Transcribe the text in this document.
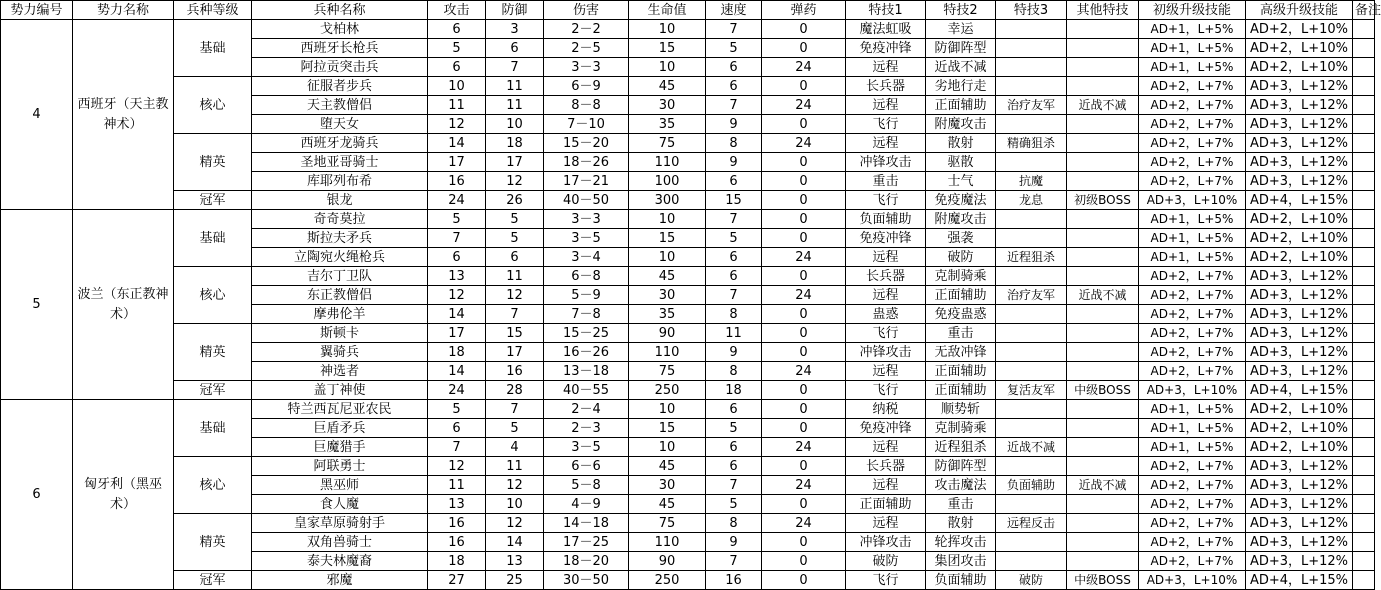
势力编号	势力名称	兵种等级	兵种名称	攻击	防御	伤害	生命值	速度	弹药	特技1	特技2	特技3	其他特技	初级升级技能	高级升级技能	备注
4	西班牙（天主教神术）	基础	戈柏林	6	3	2－2	10	7	0	魔法虹吸	幸运			AD+1，L+5%	AD+2，L+10%	
			西班牙长枪兵	5	6	2－5	15	5	0	免疫冲锋	防御阵型			AD+1，L+5%	AD+2，L+10%	
			阿拉贡突击兵	6	7	3－3	10	6	24	远程	近战不减			AD+1，L+5%	AD+2，L+10%	
		核心	征服者步兵	10	11	6－9	45	6	0	长兵器	劣地行走			AD+2，L+7%	AD+3，L+12%	
			天主教僧侣	11	11	8－8	30	7	24	远程	正面辅助	治疗友军	近战不减	AD+2，L+7%	AD+3，L+12%	
			堕天女	12	10	7－10	35	9	0	飞行	附魔攻击			AD+2，L+7%	AD+3，L+12%	
		精英	西班牙龙骑兵	14	18	15－20	75	8	24	远程	散射	精确狙杀		AD+2，L+7%	AD+3，L+12%	
			圣地亚哥骑士	17	17	18－26	110	9	0	冲锋攻击	驱散			AD+2，L+7%	AD+3，L+12%	
			库耶列布希	16	12	17－21	100	6	0	重击	士气	抗魔		AD+2，L+7%	AD+3，L+12%	
		冠军	银龙	24	26	40－50	300	15	0	飞行	免疫魔法	龙息	初级BOSS	AD+3，L+10%	AD+4，L+15%	
5	波兰（东正教神术）	基础	奇奇莫拉	5	5	3－3	10	7	0	负面辅助	附魔攻击			AD+1，L+5%	AD+2，L+10%	
			斯拉夫矛兵	7	5	3－5	15	5	0	免疫冲锋	强袭			AD+1，L+5%	AD+2，L+10%	
			立陶宛火绳枪兵	6	6	3－4	10	6	24	远程	破防	近程狙杀		AD+1，L+5%	AD+2，L+10%	
		核心	吉尔丁卫队	13	11	6－8	45	6	0	长兵器	克制骑乘			AD+2，L+7%	AD+3，L+12%	
			东正教僧侣	12	12	5－9	30	7	24	远程	正面辅助	治疗友军	近战不减	AD+2，L+7%	AD+3，L+12%	
			摩弗伦羊	14	7	7－8	35	8	0	蛊惑	免疫蛊惑			AD+2，L+7%	AD+3，L+12%	
		精英	斯顿卡	17	15	15－25	90	11	0	飞行	重击			AD+2，L+7%	AD+3，L+12%	
			翼骑兵	18	17	16－26	110	9	0	冲锋攻击	无敌冲锋			AD+2，L+7%	AD+3，L+12%	
			神选者	14	16	13－18	75	8	24	远程	正面辅助			AD+2，L+7%	AD+3，L+12%	
		冠军	盖丁神使	24	28	40－55	250	18	0	飞行	正面辅助	复活友军	中级BOSS	AD+3，L+10%	AD+4，L+15%	
6	匈牙利（黑巫术）	基础	特兰西瓦尼亚农民	5	7	2－4	10	6	0	纳税	顺势斩			AD+1，L+5%	AD+2，L+10%	
			巨盾矛兵	6	5	2－3	15	5	0	免疫冲锋	克制骑乘			AD+1，L+5%	AD+2，L+10%	
			巨魔猎手	7	4	3－5	10	6	24	远程	近程狙杀	近战不减		AD+1，L+5%	AD+2，L+10%	
		核心	阿联勇士	12	11	6－6	45	6	0	长兵器	防御阵型			AD+2，L+7%	AD+3，L+12%	
			黑巫师	11	12	5－8	30	7	24	远程	攻击魔法	负面辅助	近战不减	AD+2，L+7%	AD+3，L+12%	
			食人魔	13	10	4－9	45	5	0	正面辅助	重击			AD+2，L+7%	AD+3，L+12%	
		精英	皇家草原骑射手	16	12	14－18	75	8	24	远程	散射	远程反击		AD+2，L+7%	AD+3，L+12%	
			双角兽骑士	16	14	17－25	110	9	0	冲锋攻击	轮挥攻击			AD+2，L+7%	AD+3，L+12%	
			泰夫林魔裔	18	13	18－20	90	7	0	破防	集团攻击			AD+2，L+7%	AD+3，L+12%	
		冠军	邪魔	27	25	30－50	250	16	0	飞行	负面辅助	破防	中级BOSS	AD+3，L+10%	AD+4，L+15%	
